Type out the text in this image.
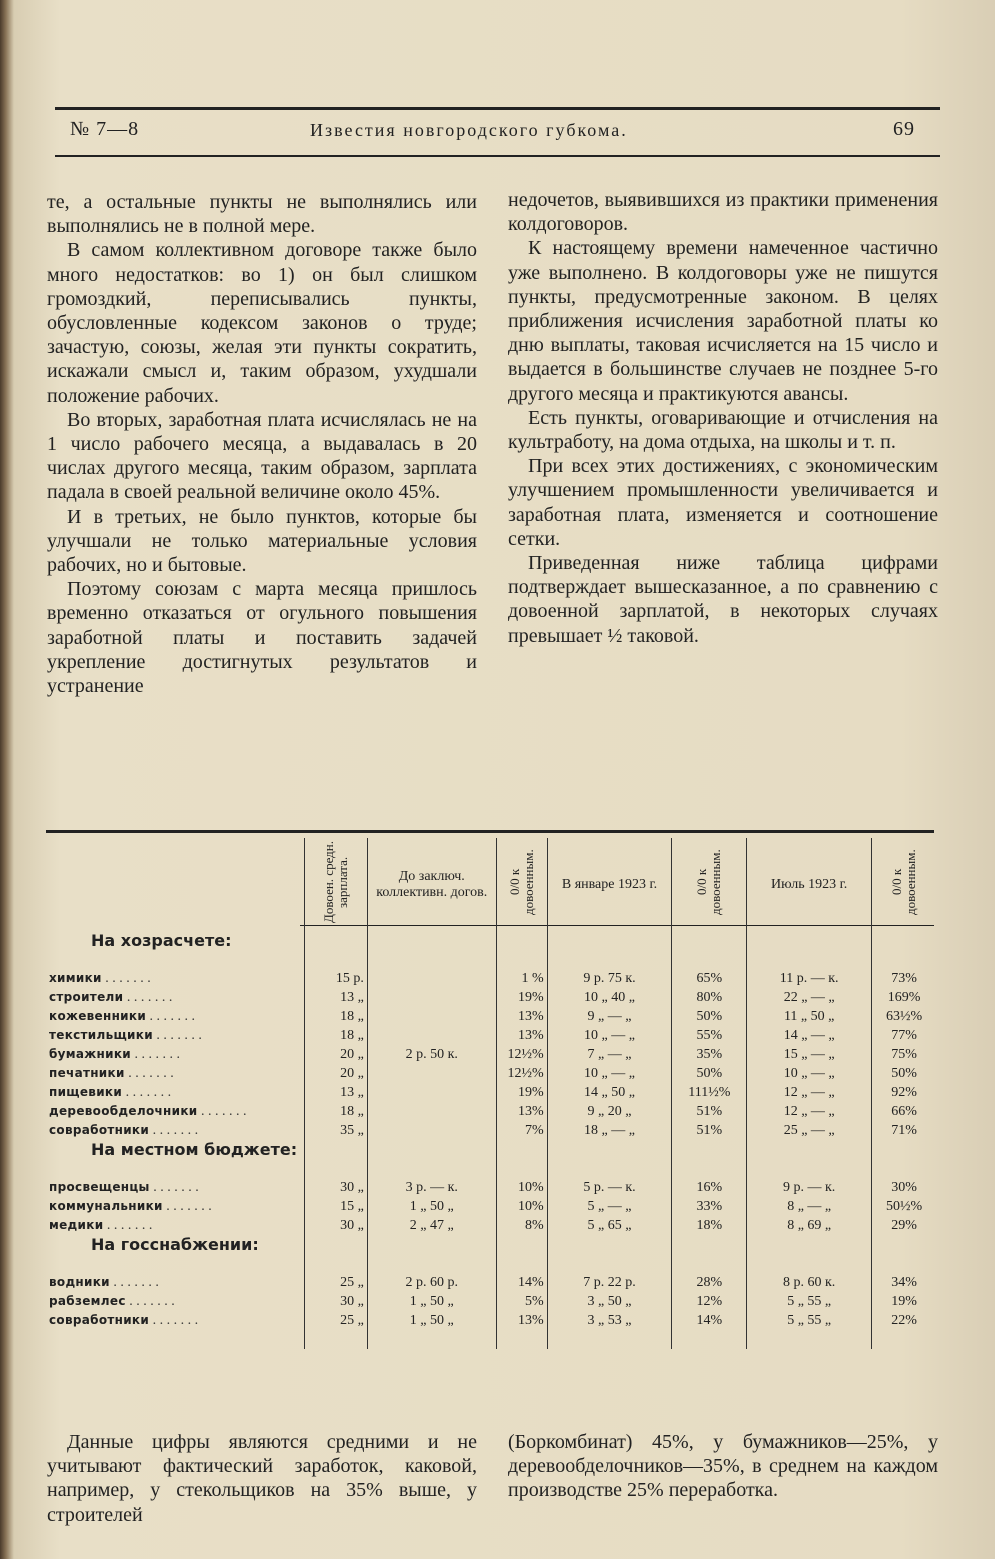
№ 7—8	Известия новгородского губкома.	69

те, а остальные пункты не выполнялись или выполнялись не в полной мере.

В самом коллективном договоре также было много недостатков: во 1) он был слишком громоздкий, переписывались пункты, обусловленные кодексом законов о труде; зачастую, союзы, желая эти пункты сократить, искажали смысл и, таким образом, ухудшали положение рабочих.

Во вторых, заработная плата исчислялась не на 1 число рабочего месяца, а выдавалась в 20 числах другого месяца, таким образом, зарплата падала в своей реальной величине около 45%.

И в третьих, не было пунктов, которые бы улучшали не только материальные условия рабочих, но и бытовые.

Поэтому союзам с марта месяца пришлось временно отказаться от огульного повышения заработной платы и поставить задачей укрепление достигнутых результатов и устранение

недочетов, выявившихся из практики применения колдоговоров.

К настоящему времени намеченное частично уже выполнено. В колдоговоры уже не пишутся пункты, предусмотренные законом. В целях приближения исчисления заработной платы ко дню выплаты, таковая исчисляется на 15 число и выдается в большинстве случаев не позднее 5-го другого месяца и практикуются авансы.

Есть пункты, оговаривающие и отчисления на культработу, на дома отдыха, на школы и т. п.

При всех этих достижениях, с экономическим улучшением промышленности увеличивается и заработная плата, изменяется и соотношение сетки.

Приведенная ниже таблица цифрами подтверждает вышесказанное, а по сравнению с довоенной зарплатой, в некоторых случаях превышает ½ таковой.

	Довоен. средн. зарплата.	До заключ. коллективн. догов.	0/0 к довоенным.	В январе 1923 г.	0/0 к довоенным.	Июль 1923 г.	0/0 к довоенным.
На хозрасчете:							

химики . . . . . . .	15 р.		1 %	9 р. 75 к.	65%	11 р. — к.	73%
строители . . . . . . .	13 „		19%	10 „ 40 „	80%	22 „ — „	169%
кожевенники . . . . . . .	18 „		13%	9 „ — „	50%	11 „ 50 „	63½%
текстильщики . . . . . . .	18 „		13%	10 „ — „	55%	14 „ — „	77%
бумажники . . . . . . .	20 „	2 р. 50 к.	12½%	7 „ — „	35%	15 „ — „	75%
печатники . . . . . . .	20 „		12½%	10 „ — „	50%	10 „ — „	50%
пищевики . . . . . . .	13 „		19%	14 „ 50 „	111½%	12 „ — „	92%
деревообделочники . . . . . . .	18 „		13%	9 „ 20 „	51%	12 „ — „	66%
совработники . . . . . . .	35 „		7%	18 „ — „	51%	25 „ — „	71%
На местном бюджете:							

просвещенцы . . . . . . .	30 „	3 р. — к.	10%	5 р. — к.	16%	9 р. — к.	30%
коммунальники . . . . . . .	15 „	1 „ 50 „	10%	5 „ — „	33%	8 „ — „	50½%
медики . . . . . . .	30 „	2 „ 47 „	8%	5 „ 65 „	18%	8 „ 69 „	29%
На госснабжении:							

водники . . . . . . .	25 „	2 р. 60 р.	14%	7 р. 22 р.	28%	8 р. 60 к.	34%
рабземлес . . . . . . .	30 „	1 „ 50 „	5%	3 „ 50 „	12%	5 „ 55 „	19%
совработники . . . . . . .	25 „	1 „ 50 „	13%	3 „ 53 „	14%	5 „ 55 „	22%

Данные цифры являются средними и не учитывают фактический заработок, каковой, например, у стекольщиков на 35% выше, у строителей

(Боркомбинат) 45%, у бумажников—25%, у деревообделочников—35%, в среднем на каждом производстве 25% переработка.
